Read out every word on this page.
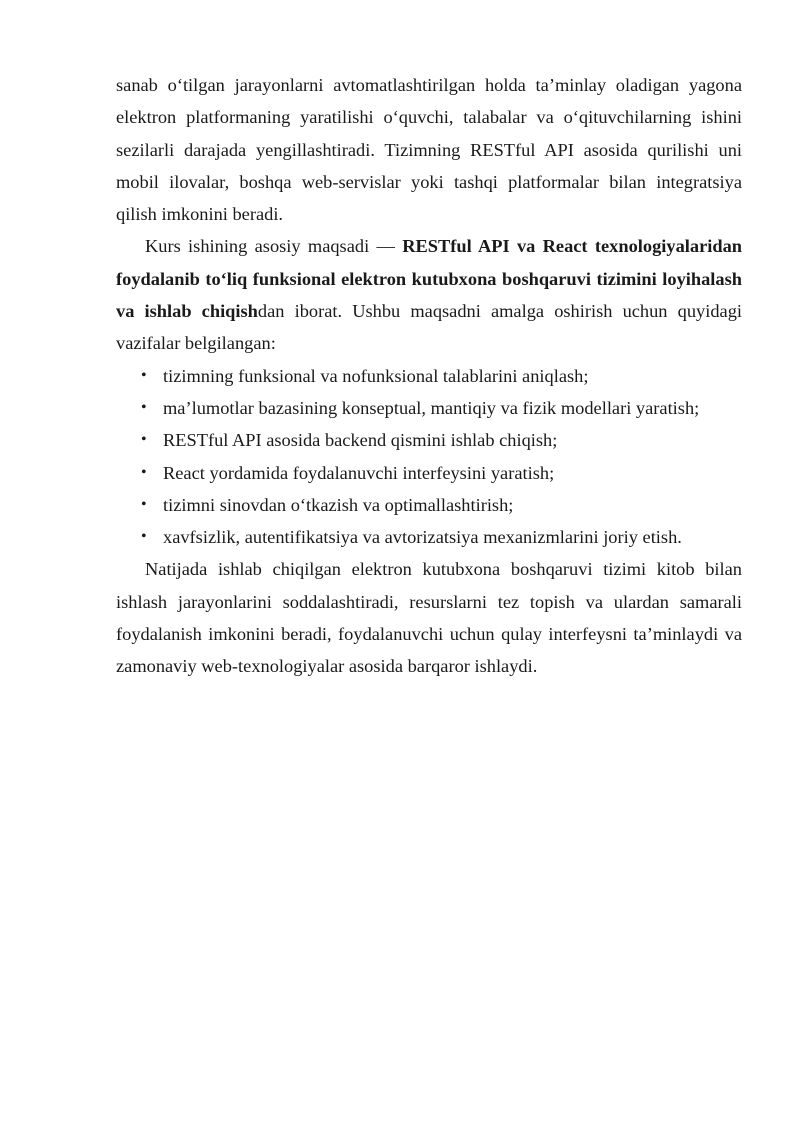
sanab o‘tilgan jarayonlarni avtomatlashtirilgan holda ta’minlay oladigan yagona elektron platformaning yaratilishi o‘quvchi, talabalar va o‘qituvchilarning ishini sezilarli darajada yengillashtiradi. Tizimning RESTful API asosida qurilishi uni mobil ilovalar, boshqa web-servislar yoki tashqi platformalar bilan integratsiya qilish imkonini beradi.

Kurs ishining asosiy maqsadi — RESTful API va React texnologiyalaridan foydalanib to‘liq funksional elektron kutubxona boshqaruvi tizimini loyihalash va ishlab chiqishdan iborat. Ushbu maqsadni amalga oshirish uchun quyidagi vazifalar belgilangan:

• tizimning funksional va nofunksional talablarini aniqlash;
• ma’lumotlar bazasining konseptual, mantiqiy va fizik modellari yaratish;
• RESTful API asosida backend qismini ishlab chiqish;
• React yordamida foydalanuvchi interfeysini yaratish;
• tizimni sinovdan o‘tkazish va optimallashtirish;
• xavfsizlik, autentifikatsiya va avtorizatsiya mexanizmlarini joriy etish.

Natijada ishlab chiqilgan elektron kutubxona boshqaruvi tizimi kitob bilan ishlash jarayonlarini soddalashtiradi, resurslarni tez topish va ulardan samarali foydalanish imkonini beradi, foydalanuvchi uchun qulay interfeysni ta’minlaydi va zamonaviy web-texnologiyalar asosida barqaror ishlaydi.
